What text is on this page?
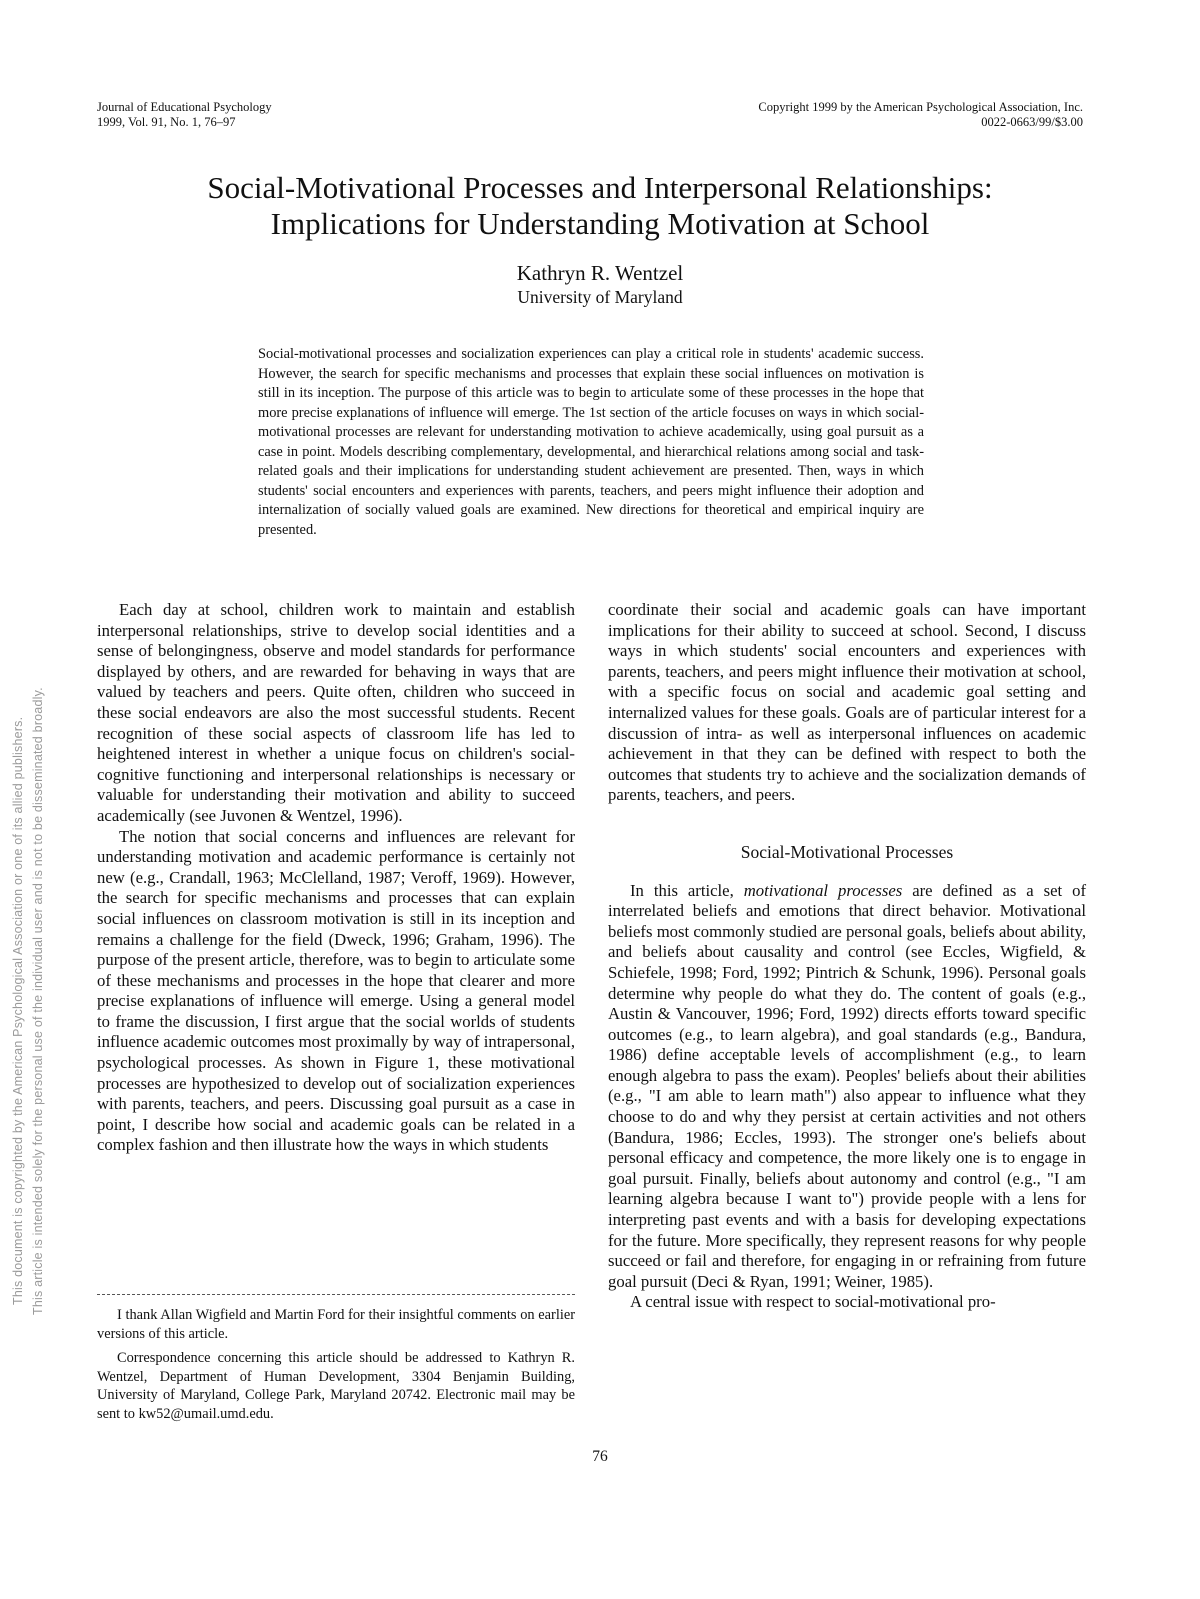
Journal of Educational Psychology
1999, Vol. 91, No. 1, 76–97
Copyright 1999 by the American Psychological Association, Inc.
0022-0663/99/$3.00
This document is copyrighted by the American Psychological Association or one of its allied publishers. This article is intended solely for the personal use of the individual user and is not to be disseminated broadly.
Social-Motivational Processes and Interpersonal Relationships:
Implications for Understanding Motivation at School
Kathryn R. Wentzel
University of Maryland
Social-motivational processes and socialization experiences can play a critical role in students' academic success. However, the search for specific mechanisms and processes that explain these social influences on motivation is still in its inception. The purpose of this article was to begin to articulate some of these processes in the hope that more precise explanations of influence will emerge. The 1st section of the article focuses on ways in which social-motivational processes are relevant for understanding motivation to achieve academically, using goal pursuit as a case in point. Models describing complementary, developmental, and hierarchical relations among social and task-related goals and their implications for understanding student achievement are presented. Then, ways in which students' social encounters and experiences with parents, teachers, and peers might influence their adoption and internalization of socially valued goals are examined. New directions for theoretical and empirical inquiry are presented.

Each day at school, children work to maintain and establish interpersonal relationships, strive to develop social identities and a sense of belongingness, observe and model standards for performance displayed by others, and are rewarded for behaving in ways that are valued by teachers and peers. Quite often, children who succeed in these social endeavors are also the most successful students. Recent recognition of these social aspects of classroom life has led to heightened interest in whether a unique focus on children's social-cognitive functioning and interpersonal relationships is necessary or valuable for understanding their motivation and ability to succeed academically (see Juvonen & Wentzel, 1996).

The notion that social concerns and influences are relevant for understanding motivation and academic performance is certainly not new (e.g., Crandall, 1963; McClelland, 1987; Veroff, 1969). However, the search for specific mechanisms and processes that can explain social influences on classroom motivation is still in its inception and remains a challenge for the field (Dweck, 1996; Graham, 1996). The purpose of the present article, therefore, was to begin to articulate some of these mechanisms and processes in the hope that clearer and more precise explanations of influence will emerge. Using a general model to frame the discussion, I first argue that the social worlds of students influence academic outcomes most proximally by way of intrapersonal, psychological processes. As shown in Figure 1, these motivational processes are hypothesized to develop out of socialization experiences with parents, teachers, and peers. Discussing goal pursuit as a case in point, I describe how social and academic goals can be related in a complex fashion and then illustrate how the ways in which students

I thank Allan Wigfield and Martin Ford for their insightful comments on earlier versions of this article.

Correspondence concerning this article should be addressed to Kathryn R. Wentzel, Department of Human Development, 3304 Benjamin Building, University of Maryland, College Park, Maryland 20742. Electronic mail may be sent to kw52@umail.umd.edu.

coordinate their social and academic goals can have important implications for their ability to succeed at school. Second, I discuss ways in which students' social encounters and experiences with parents, teachers, and peers might influence their motivation at school, with a specific focus on social and academic goal setting and internalized values for these goals. Goals are of particular interest for a discussion of intra- as well as interpersonal influences on academic achievement in that they can be defined with respect to both the outcomes that students try to achieve and the socialization demands of parents, teachers, and peers.

Social-Motivational Processes

In this article, motivational processes are defined as a set of interrelated beliefs and emotions that direct behavior. Motivational beliefs most commonly studied are personal goals, beliefs about ability, and beliefs about causality and control (see Eccles, Wigfield, & Schiefele, 1998; Ford, 1992; Pintrich & Schunk, 1996). Personal goals determine why people do what they do. The content of goals (e.g., Austin & Vancouver, 1996; Ford, 1992) directs efforts toward specific outcomes (e.g., to learn algebra), and goal standards (e.g., Bandura, 1986) define acceptable levels of accomplishment (e.g., to learn enough algebra to pass the exam). Peoples' beliefs about their abilities (e.g., "I am able to learn math") also appear to influence what they choose to do and why they persist at certain activities and not others (Bandura, 1986; Eccles, 1993). The stronger one's beliefs about personal efficacy and competence, the more likely one is to engage in goal pursuit. Finally, beliefs about autonomy and control (e.g., "I am learning algebra because I want to") provide people with a lens for interpreting past events and with a basis for developing expectations for the future. More specifically, they represent reasons for why people succeed or fail and therefore, for engaging in or refraining from future goal pursuit (Deci & Ryan, 1991; Weiner, 1985).

A central issue with respect to social-motivational pro-

76
